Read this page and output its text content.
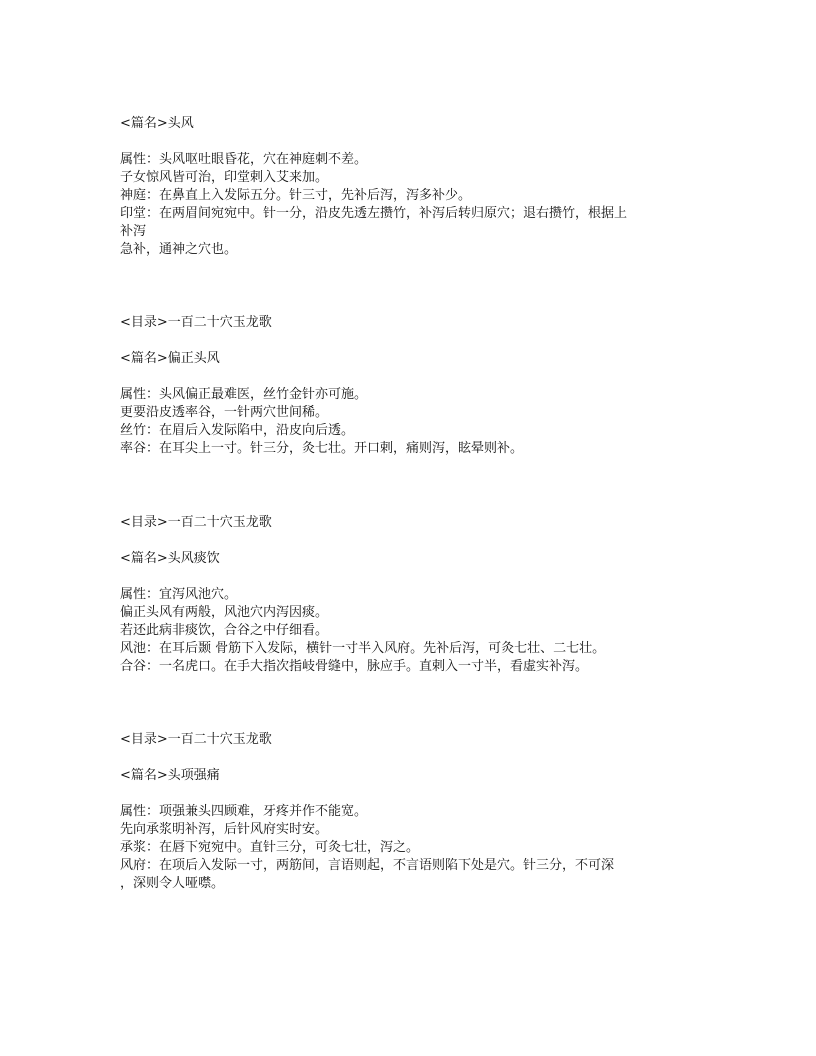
<篇名>头风
属性：头风呕吐眼昏花，穴在神庭刺不差。
子女惊风皆可治，印堂剌入艾来加。
神庭：在鼻直上入发际五分。针三寸，先补后泻，泻多补少。
印堂：在两眉间宛宛中。针一分，沿皮先透左攒竹，补泻后转归原穴；退右攒竹，根据上
补泻
急补，通神之穴也。
<目录>一百二十穴玉龙歌
<篇名>偏正头风
属性：头风偏正最难医，丝竹金针亦可施。
更要沿皮透率谷，一针两穴世间稀。
丝竹：在眉后入发际陷中，沿皮向后透。
率谷：在耳尖上一寸。针三分，灸七壮。开口剌，痛则泻，眩晕则补。
<目录>一百二十穴玉龙歌
<篇名>头风痰饮
属性：宜泻风池穴。
偏正头风有两般，风池穴内泻因痰。
若还此病非痰饮，合谷之中仔细看。
风池：在耳后颞 骨筋下入发际，横针一寸半入风府。先补后泻，可灸七壮、二七壮。
合谷：一名虎口。在手大指次指岐骨缝中，脉应手。直剌入一寸半，看虚实补泻。
<目录>一百二十穴玉龙歌
<篇名>头项强痛
属性：项强兼头四顾难，牙疼并作不能宽。
先向承浆明补泻，后针风府实时安。
承浆：在唇下宛宛中。直针三分，可灸七壮，泻之。
风府：在项后入发际一寸，两筋间，言语则起，不言语则陷下处是穴。针三分，不可深
，深则令人哑噤。
